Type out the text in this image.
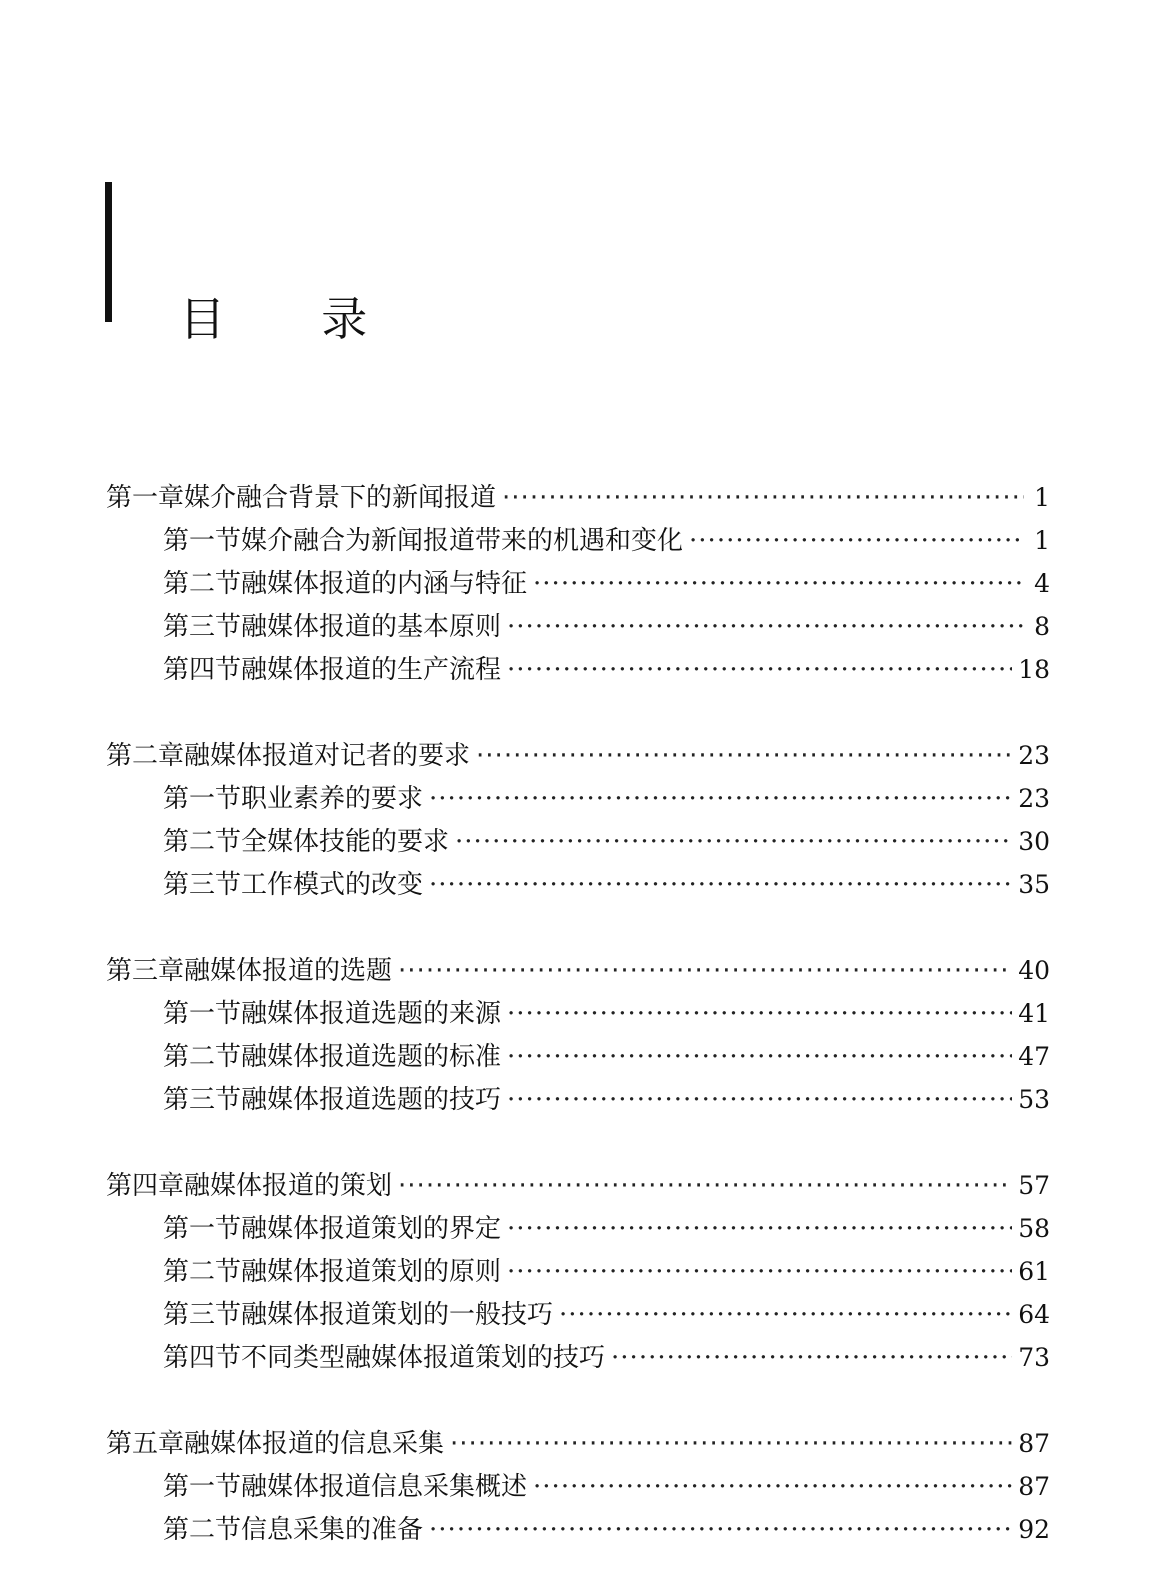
目 录

第一章 媒介融合背景下的新闻报道 ·····	1
第一节 媒介融合为新闻报道带来的机遇和变化 ·····	1
第二节 融媒体报道的内涵与特征 ·····	4
第三节 融媒体报道的基本原则 ·····	8
第四节 融媒体报道的生产流程 ·····	18
第二章 融媒体报道对记者的要求 ·····	23
第一节 职业素养的要求 ·····	23
第二节 全媒体技能的要求 ·····	30
第三节 工作模式的改变 ·····	35
第三章 融媒体报道的选题 ·····	40
第一节 融媒体报道选题的来源 ·····	41
第二节 融媒体报道选题的标准 ·····	47
第三节 融媒体报道选题的技巧 ·····	53
第四章 融媒体报道的策划 ·····	57
第一节 融媒体报道策划的界定 ·····	58
第二节 融媒体报道策划的原则 ·····	61
第三节 融媒体报道策划的一般技巧 ·····	64
第四节 不同类型融媒体报道策划的技巧 ·····	73
第五章 融媒体报道的信息采集 ·····	87
第一节 融媒体报道信息采集概述 ·····	87
第二节 信息采集的准备 ·····	92
